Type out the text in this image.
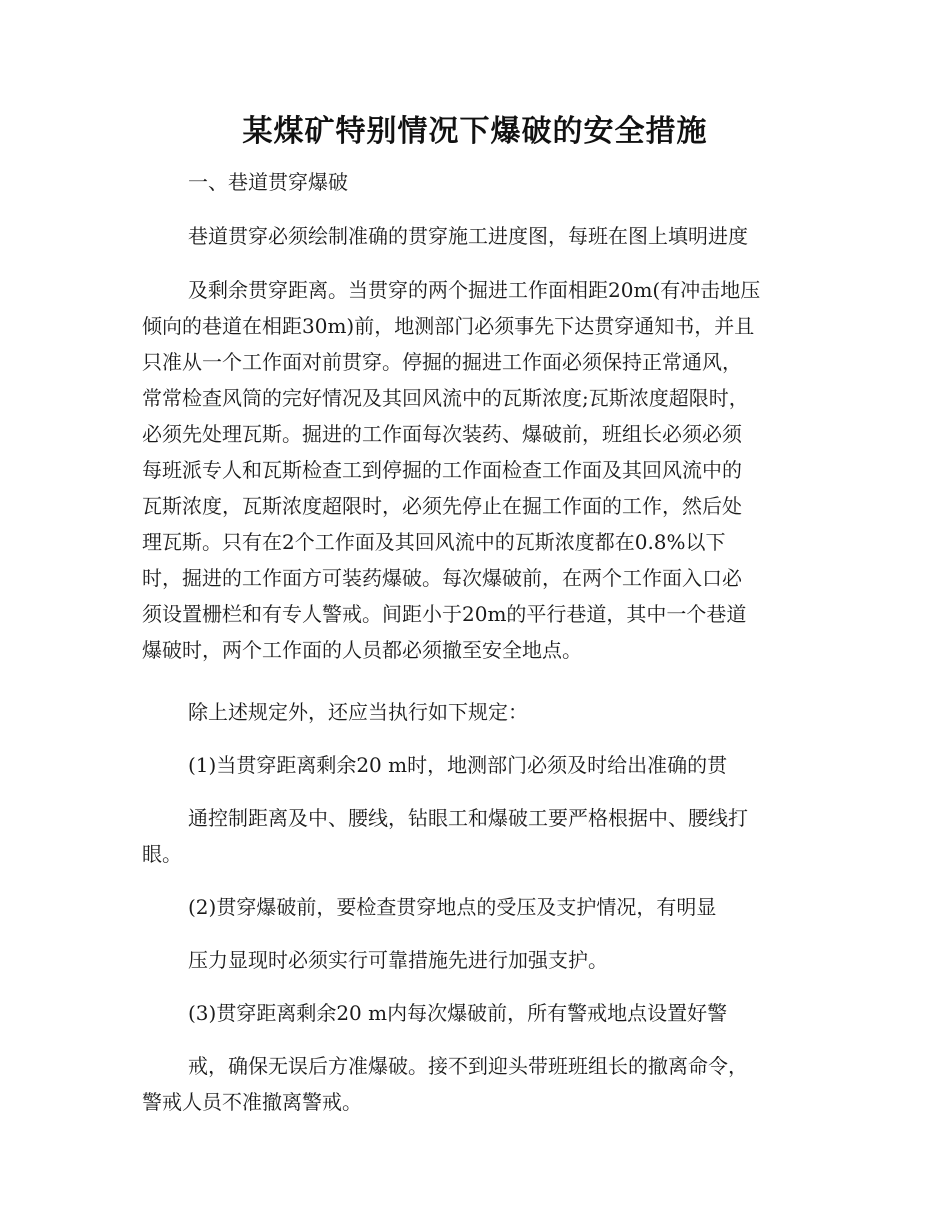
某煤矿特别情况下爆破的安全措施
一、巷道贯穿爆破
巷道贯穿必须绘制准确的贯穿施工进度图，每班在图上填明进度
及剩余贯穿距离。当贯穿的两个掘进工作面相距20m(有冲击地压
倾向的巷道在相距30m)前，地测部门必须事先下达贯穿通知书，并且
只准从一个工作面对前贯穿。停掘的掘进工作面必须保持正常通风，
常常检查风筒的完好情况及其回风流中的瓦斯浓度;瓦斯浓度超限时，
必须先处理瓦斯。掘进的工作面每次装药、爆破前，班组长必须必须
每班派专人和瓦斯检查工到停掘的工作面检查工作面及其回风流中的
瓦斯浓度，瓦斯浓度超限时，必须先停止在掘工作面的工作，然后处
理瓦斯。只有在2个工作面及其回风流中的瓦斯浓度都在0.8%以下
时，掘进的工作面方可装药爆破。每次爆破前，在两个工作面入口必
须设置栅栏和有专人警戒。间距小于20m的平行巷道，其中一个巷道
爆破时，两个工作面的人员都必须撤至安全地点。
除上述规定外，还应当执行如下规定：
(1)当贯穿距离剩余20 m时，地测部门必须及时给出准确的贯
通控制距离及中、腰线，钻眼工和爆破工要严格根据中、腰线打
眼。
(2)贯穿爆破前，要检查贯穿地点的受压及支护情况，有明显
压力显现时必须实行可靠措施先进行加强支护。
(3)贯穿距离剩余20 m内每次爆破前，所有警戒地点设置好警
戒，确保无误后方准爆破。接不到迎头带班班组长的撤离命令，
警戒人员不准撤离警戒。
